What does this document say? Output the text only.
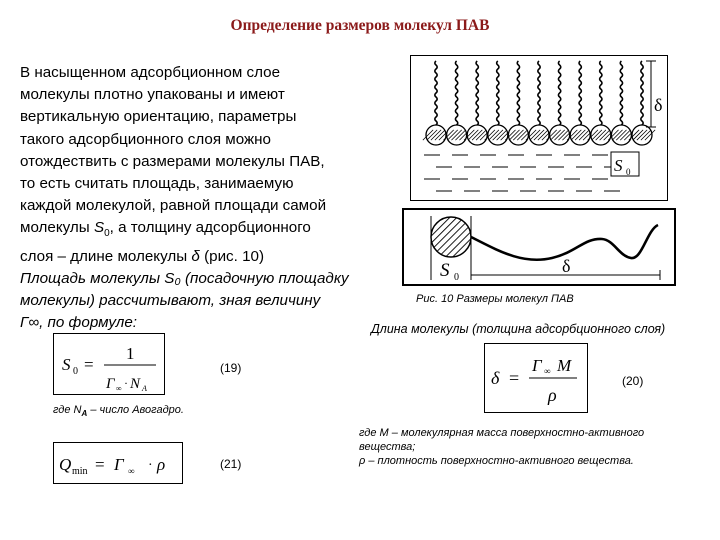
Определение размеров молекул ПАВ
В насыщенном адсорбционном слое
молекулы плотно упакованы и имеют
вертикальную ориентацию, параметры
такого адсорбционного слоя можно
отождествить с размерами молекулы ПАВ,
то есть считать площадь, занимаемую
каждой молекулой, равной площади самой
молекулы $S_0$, а толщину адсорбционного
слоя – длине молекулы δ (рис. 10)
Площадь молекулы S₀ (посадочную площадку
молекулы) рассчитывают, зная величину
Г∞, по формуле:
S 0 =
1
Г ∞ · N A
(19)
где $N_A$ – число Авогадро.
Q min = Г ∞ · ρ	(21)
δ
S 0
S 0
δ
Рис. 10 Размеры молекул ПАВ
Длина молекулы (толщина адсорбционного слоя)
δ =
Г ∞ M
ρ
(20)
где M – молекулярная масса поверхностно-активного
вещества;
ρ – плотность поверхностно-активного вещества.
